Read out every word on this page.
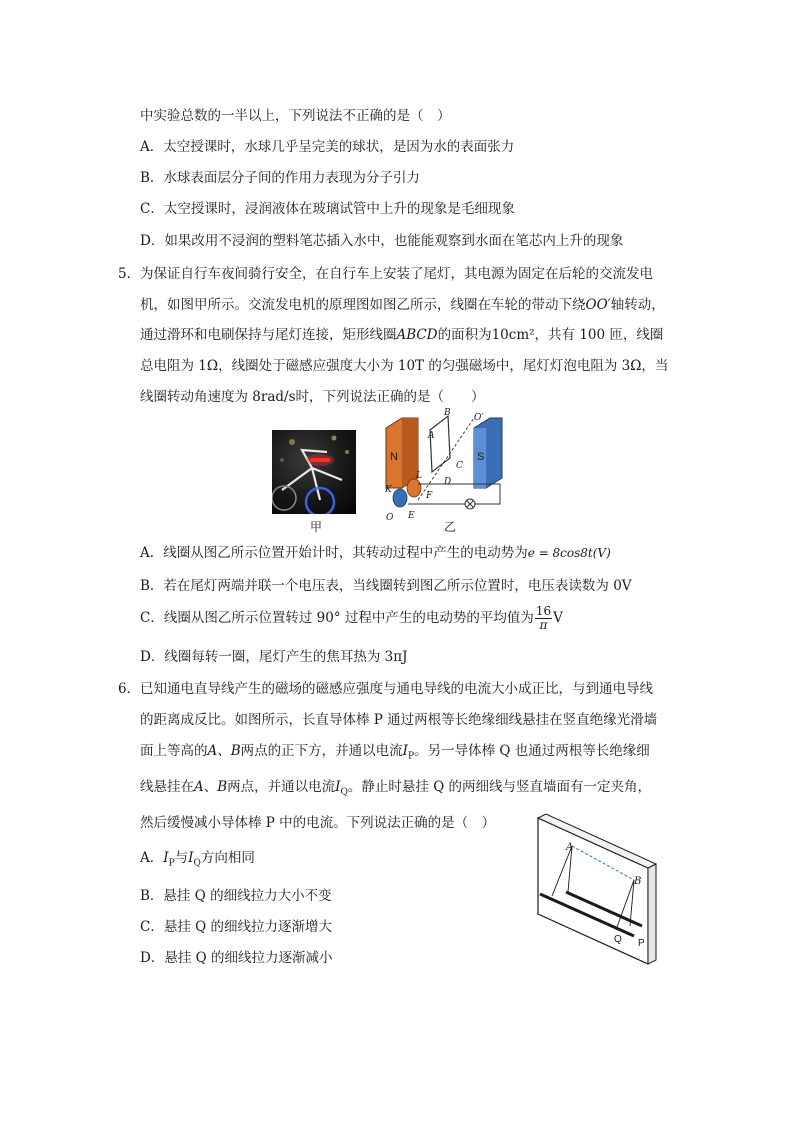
中实验总数的一半以上，下列说法不正确的是（　）
A．太空授课时，水球几乎呈完美的球状，是因为水的表面张力
B．水球表面层分子间的作用力表现为分子引力
C．太空授课时，浸润液体在玻璃试管中上升的现象是毛细现象
D．如果改用不浸润的塑料笔芯插入水中，也能能观察到水面在笔芯内上升的现象
5． 为保证自行车夜间骑行安全，在自行车上安装了尾灯，其电源为固定在后轮的交流发电
机，如图甲所示。交流发电机的原理图如图乙所示，线圈在车轮的带动下绕OO′轴转动，
通过滑环和电刷保持与尾灯连接，矩形线圈ABCD的面积为10cm²，共有 100 匝，线圈
总电阻为 1Ω，线圈处于磁感应强度大小为 10T 的匀强磁场中，尾灯灯泡电阻为 3Ω，当
线圈转动角速度为 8rad/s时，下列说法正确的是（　　）
甲
N	S
B
A
C
D
F
E
K
L
O
O′
乙
A．线圈从图乙所示位置开始计时，其转动过程中产生的电动势为e = 8cos8t(V)
B．若在尾灯两端并联一个电压表，当线圈转到图乙所示位置时，电压表读数为 0V
C．线圈从图乙所示位置转过 90° 过程中产生的电动势的平均值为 $\frac{16}{\pi}$ V
D．线圈每转一圈，尾灯产生的焦耳热为 3πJ
6． 已知通电直导线产生的磁场的磁感应强度与通电导线的电流大小成正比，与到通电导线
的距离成反比。如图所示，长直导体棒 P 通过两根等长绝缘细线悬挂在竖直绝缘光滑墙
面上等高的A、B两点的正下方，并通以电流$I_P$。另一导体棒 Q 也通过两根等长绝缘细
线悬挂在A、B两点，并通以电流$I_Q$。静止时悬挂 Q 的两细线与竖直墙面有一定夹角，
然后缓慢减小导体棒 P 中的电流。下列说法正确的是（　）
A．$I_P$与$I_Q$方向相同
B．悬挂 Q 的细线拉力大小不变
C．悬挂 Q 的细线拉力逐渐增大
D．悬挂 Q 的细线拉力逐渐减小
A
B
Q P
